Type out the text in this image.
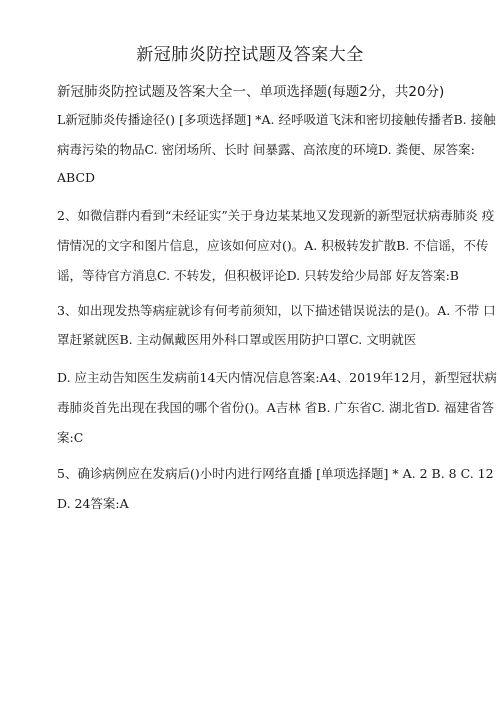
新冠肺炎防控试题及答案大全
新冠肺炎防控试题及答案大全一、单项选择题(每题2分，共20分)
L新冠肺炎传播途径() [多项选择题] *A. 经呼吸道飞沫和密切接触传播者B. 接触
病毒污染的物品C. 密闭场所、长时 间暴露、高浓度的环境D. 粪便、尿答案:
ABCD
2、如微信群内看到“未经证实”关于身边某某地又发现新的新型冠状病毒肺炎 疫
情情况的文字和图片信息，应该如何应对()。A. 积极转发扩散B. 不信谣，不传
谣，等待官方消息C. 不转发，但积极评论D. 只转发给少局部 好友答案:B
3、如出现发热等病症就诊有何考前须知，以下描述错误说法的是()。A. 不带 口
罩赶紧就医B. 主动佩戴医用外科口罩或医用防护口罩C. 文明就医
D. 应主动告知医生发病前14天内情况信息答案:A4、2019年12月，新型冠状病
毒肺炎首先出现在我国的哪个省份()。A吉林 省B. 广东省C. 湖北省D. 福建省答
案:C
5、确诊病例应在发病后()小时内进行网络直播 [单项选择题] * A. 2 B. 8 C. 12
D. 24答案:A
